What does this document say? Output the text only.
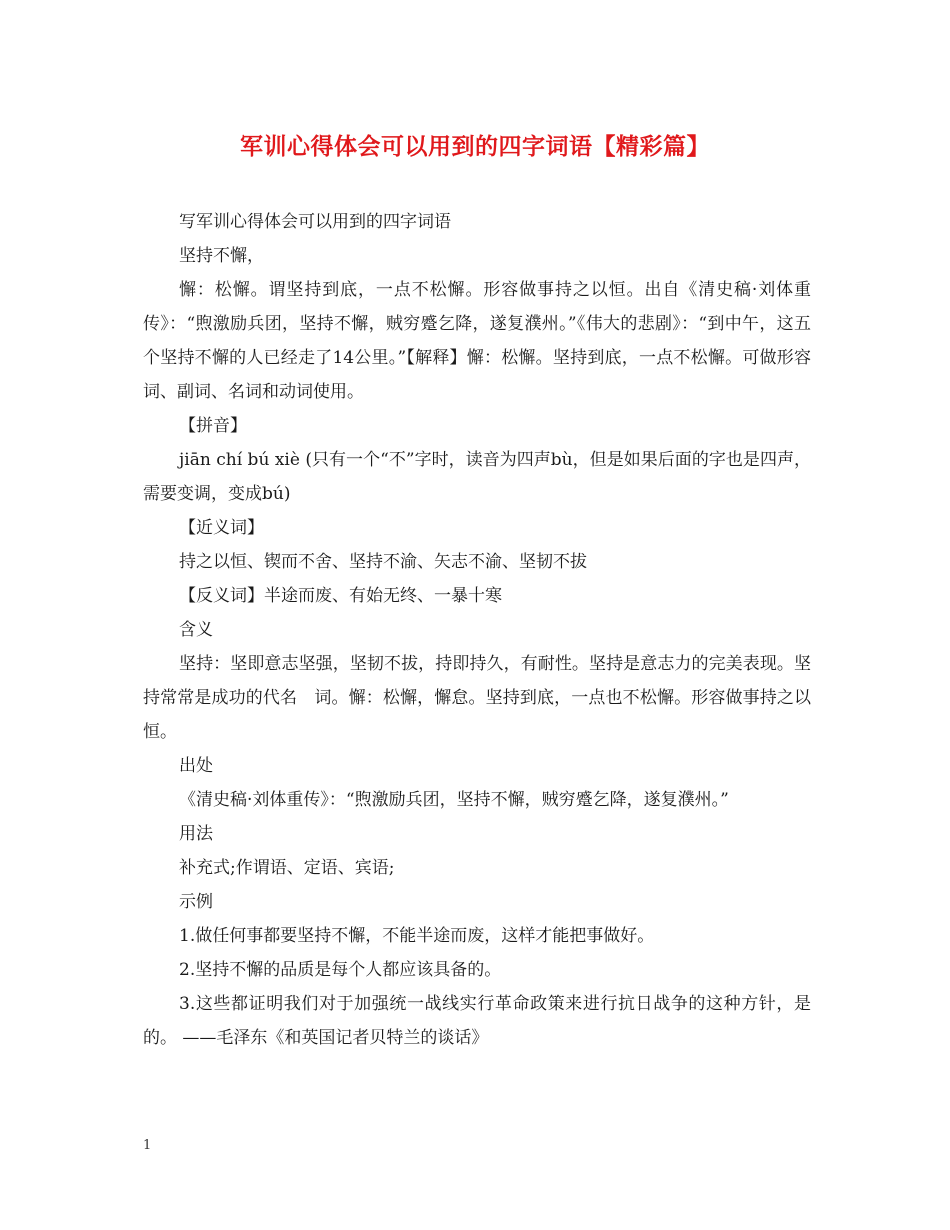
军训心得体会可以用到的四字词语【精彩篇】

写军训心得体会可以用到的四字词语

坚持不懈，

懈：松懈。谓坚持到底，一点不松懈。形容做事持之以恒。出自《清史稿·刘体重传》：“煦激励兵团，坚持不懈，贼穷蹙乞降，遂复濮州。”《伟大的悲剧》：“到中午，这五个坚持不懈的人已经走了14公里。”【解释】懈：松懈。坚持到底，一点不松懈。可做形容词、副词、名词和动词使用。

【拼音】

jiān chí bú xiè (只有一个“不”字时，读音为四声bù，但是如果后面的字也是四声，需要变调，变成bú)

【近义词】

持之以恒、锲而不舍、坚持不渝、矢志不渝、坚韧不拔

【反义词】半途而废、有始无终、一暴十寒

含义

坚持：坚即意志坚强，坚韧不拔，持即持久，有耐性。坚持是意志力的完美表现。坚持常常是成功的代名　词。懈：松懈，懈怠。坚持到底，一点也不松懈。形容做事持之以恒。

出处

《清史稿·刘体重传》：“煦激励兵团，坚持不懈，贼穷蹙乞降，遂复濮州。”

用法

补充式;作谓语、定语、宾语;

示例

1.做任何事都要坚持不懈，不能半途而废，这样才能把事做好。

2.坚持不懈的品质是每个人都应该具备的。

3.这些都证明我们对于加强统一战线实行革命政策来进行抗日战争的这种方针，是的。 ——毛泽东《和英国记者贝特兰的谈话》

1
